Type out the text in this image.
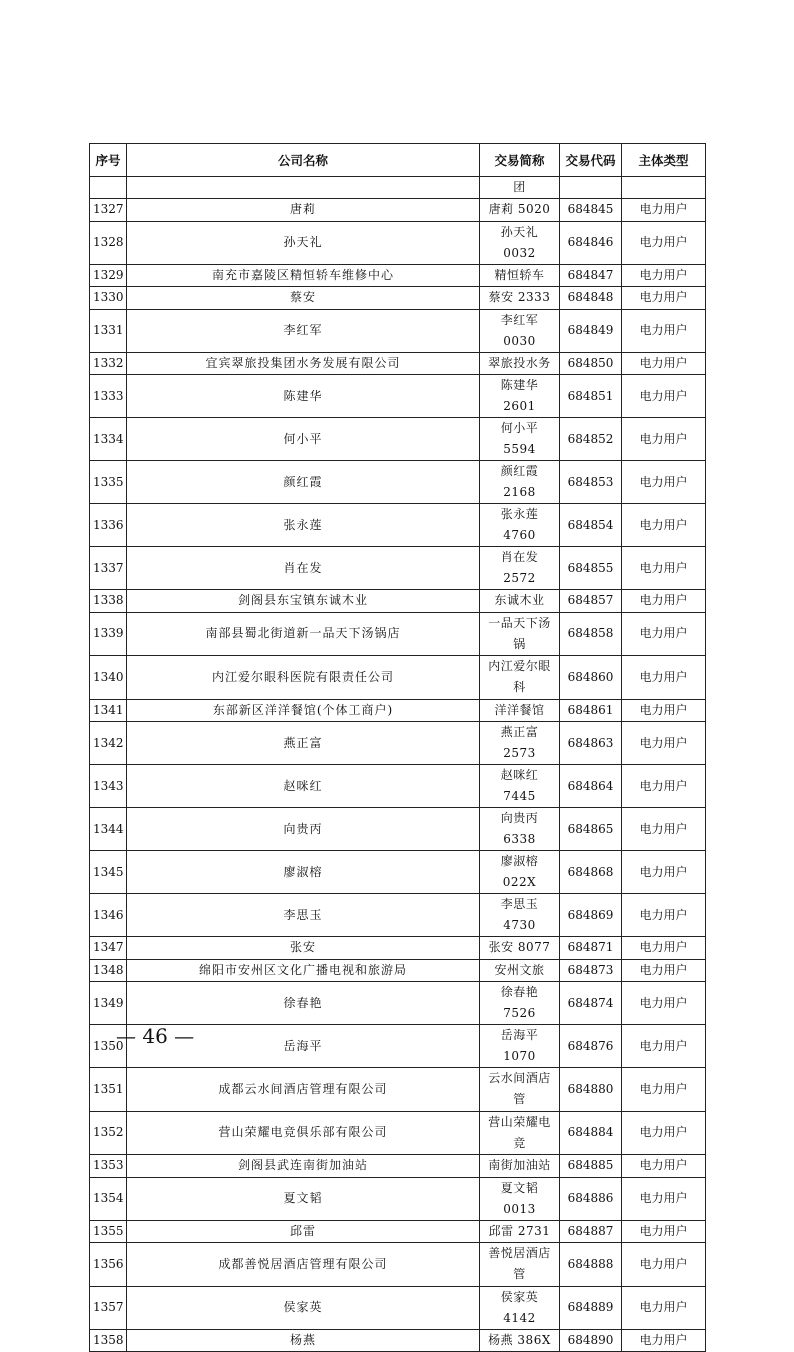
序号	公司名称	交易简称	交易代码	主体类型
		团		
1327	唐莉	唐莉 5020	684845	电力用户
1328	孙天礼	孙天礼 0032	684846	电力用户
1329	南充市嘉陵区精恒轿车维修中心	精恒轿车	684847	电力用户
1330	蔡安	蔡安 2333	684848	电力用户
1331	李红军	李红军 0030	684849	电力用户
1332	宜宾翠旅投集团水务发展有限公司	翠旅投水务	684850	电力用户
1333	陈建华	陈建华 2601	684851	电力用户
1334	何小平	何小平 5594	684852	电力用户
1335	颜红霞	颜红霞 2168	684853	电力用户
1336	张永莲	张永莲 4760	684854	电力用户
1337	肖在发	肖在发 2572	684855	电力用户
1338	剑阁县东宝镇东诚木业	东诚木业	684857	电力用户
1339	南部县蜀北街道新一品天下汤锅店	一品天下汤锅	684858	电力用户
1340	内江爱尔眼科医院有限责任公司	内江爱尔眼科	684860	电力用户
1341	东部新区洋洋餐馆(个体工商户)	洋洋餐馆	684861	电力用户
1342	燕正富	燕正富 2573	684863	电力用户
1343	赵咪红	赵咪红 7445	684864	电力用户
1344	向贵丙	向贵丙 6338	684865	电力用户
1345	廖淑榕	廖淑榕 022X	684868	电力用户
1346	李思玉	李思玉 4730	684869	电力用户
1347	张安	张安 8077	684871	电力用户
1348	绵阳市安州区文化广播电视和旅游局	安州文旅	684873	电力用户
1349	徐春艳	徐春艳 7526	684874	电力用户
1350	岳海平	岳海平 1070	684876	电力用户
1351	成都云水间酒店管理有限公司	云水间酒店管	684880	电力用户
1352	营山荣耀电竞俱乐部有限公司	营山荣耀电竞	684884	电力用户
1353	剑阁县武连南街加油站	南街加油站	684885	电力用户
1354	夏文韬	夏文韬 0013	684886	电力用户
1355	邱雷	邱雷 2731	684887	电力用户
1356	成都善悦居酒店管理有限公司	善悦居酒店管	684888	电力用户
1357	侯家英	侯家英 4142	684889	电力用户
1358	杨燕	杨燕 386X	684890	电力用户
— 46 —
